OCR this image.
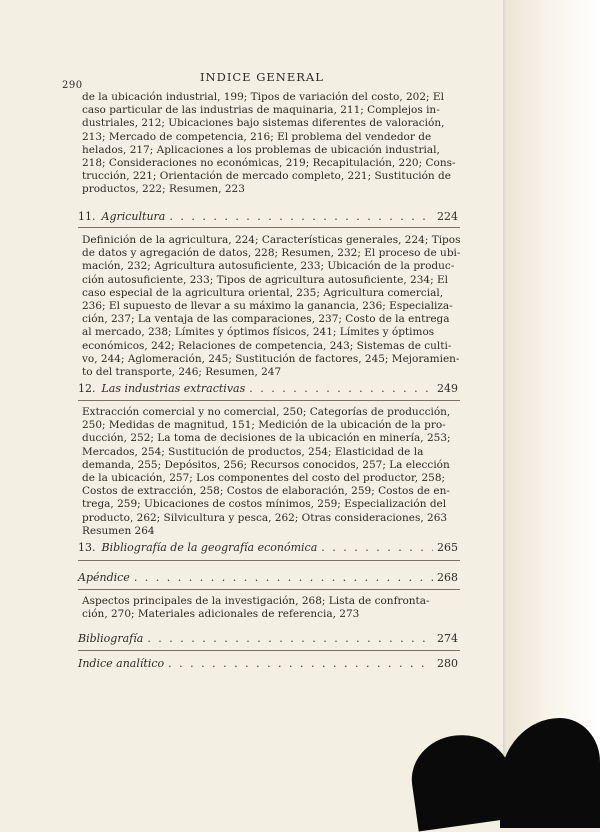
290
INDICE GENERAL
de la ubicación industrial, 199; Tipos de variación del costo, 202; El
caso particular de las industrias de maquinaria, 211; Complejos in-
dustriales, 212; Ubicaciones bajo sistemas diferentes de valoración,
213; Mercado de competencia, 216; El problema del vendedor de
helados, 217; Aplicaciones a los problemas de ubicación industrial,
218; Consideraciones no económicas, 219; Recapitulación, 220; Cons-
trucción, 221; Orientación de mercado completo, 221; Sustitución de
productos, 222; Resumen, 223
11. Agricultura . . .	224
Definición de la agricultura, 224; Características generales, 224; Tipos
de datos y agregación de datos, 228; Resumen, 232; El proceso de ubi-
mación, 232; Agricultura autosuficiente, 233; Ubicación de la produc-
ción autosuficiente, 233; Tipos de agricultura autosuficiente, 234; El
caso especial de la agricultura oriental, 235; Agricultura comercial,
236; El supuesto de llevar a su máximo la ganancia, 236; Especializa-
ción, 237; La ventaja de las comparaciones, 237; Costo de la entrega
al mercado, 238; Límites y óptimos físicos, 241; Límites y óptimos
económicos, 242; Relaciones de competencia, 243; Sistemas de culti-
vo, 244; Aglomeración, 245; Sustitución de factores, 245; Mejoramien-
to del transporte, 246; Resumen, 247
12. Las industrias extractivas . . .	249
Extracción comercial y no comercial, 250; Categorías de producción,
250; Medidas de magnitud, 151; Medición de la ubicación de la pro-
ducción, 252; La toma de decisiones de la ubicación en minería, 253;
Mercados, 254; Sustitución de productos, 254; Elasticidad de la
demanda, 255; Depósitos, 256; Recursos conocidos, 257; La elección
de la ubicación, 257; Los componentes del costo del productor, 258;
Costos de extracción, 258; Costos de elaboración, 259; Costos de en-
trega, 259; Ubicaciones de costos mínimos, 259; Especialización del
producto, 262; Silvicultura y pesca, 262; Otras consideraciones, 263
Resumen 264
13. Bibliografía de la geografía económica . . .	265
Apéndice . . .	268
Aspectos principales de la investigación, 268; Lista de confronta-
ción, 270; Materiales adicionales de referencia, 273
Bibliografía . . .	274
Indice analítico . . .	280
